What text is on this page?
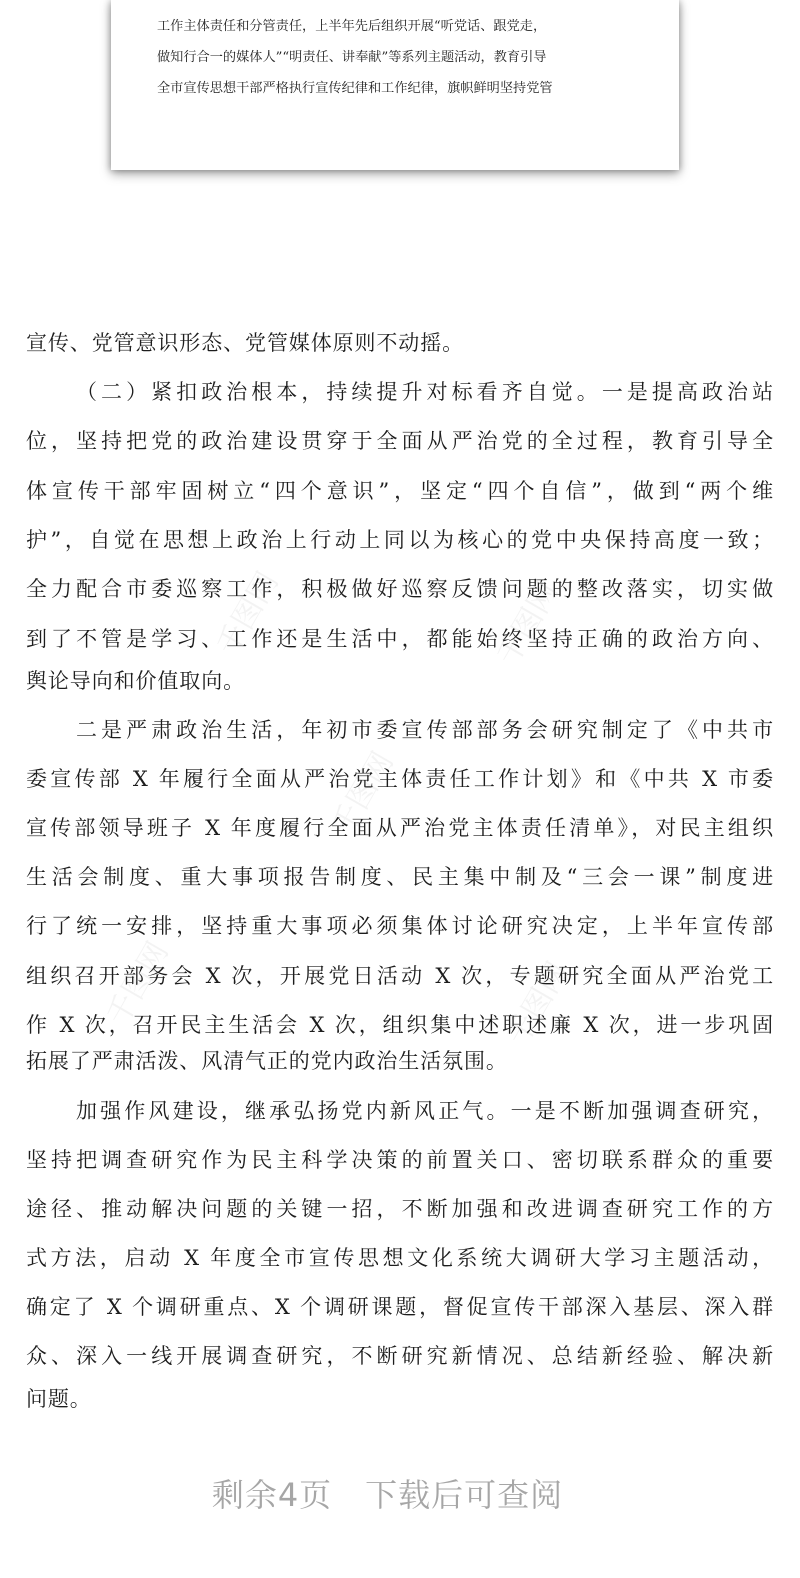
工作主体责任和分管责任，上半年先后组织开展“听党话、跟党走，
做知行合一的媒体人”“明责任、讲奉献”等系列主题活动，教育引导
全市宣传思想干部严格执行宣传纪律和工作纪律，旗帜鲜明坚持党管
宣传、党管意识形态、党管媒体原则不动摇。
（二）紧扣政治根本，持续提升对标看齐自觉。一是提高政治站
位，坚持把党的政治建设贯穿于全面从严治党的全过程，教育引导全
体宣传干部牢固树立“四个意识”，坚定“四个自信”，做到“两个维
护”，自觉在思想上政治上行动上同以为核心的党中央保持高度一致；
全力配合市委巡察工作，积极做好巡察反馈问题的整改落实，切实做
到了不管是学习、工作还是生活中，都能始终坚持正确的政治方向、
舆论导向和价值取向。
二是严肃政治生活，年初市委宣传部部务会研究制定了《中共市
委宣传部 X 年履行全面从严治党主体责任工作计划》和《中共 X 市委
宣传部领导班子 X 年度履行全面从严治党主体责任清单》，对民主组织
生活会制度、重大事项报告制度、民主集中制及“三会一课”制度进
行了统一安排，坚持重大事项必须集体讨论研究决定，上半年宣传部
组织召开部务会 X 次，开展党日活动 X 次，专题研究全面从严治党工
作 X 次，召开民主生活会 X 次，组织集中述职述廉 X 次，进一步巩固
拓展了严肃活泼、风清气正的党内政治生活氛围。
加强作风建设，继承弘扬党内新风正气。一是不断加强调查研究，
坚持把调查研究作为民主科学决策的前置关口、密切联系群众的重要
途径、推动解决问题的关键一招，不断加强和改进调查研究工作的方
式方法，启动 X 年度全市宣传思想文化系统大调研大学习主题活动，
确定了 X 个调研重点、X 个调研课题，督促宣传干部深入基层、深入群
众、深入一线开展调查研究，不断研究新情况、总结新经验、解决新
问题。
千图网
千图网
千图网	千图网
千图网
剩余4页　下载后可查阅
